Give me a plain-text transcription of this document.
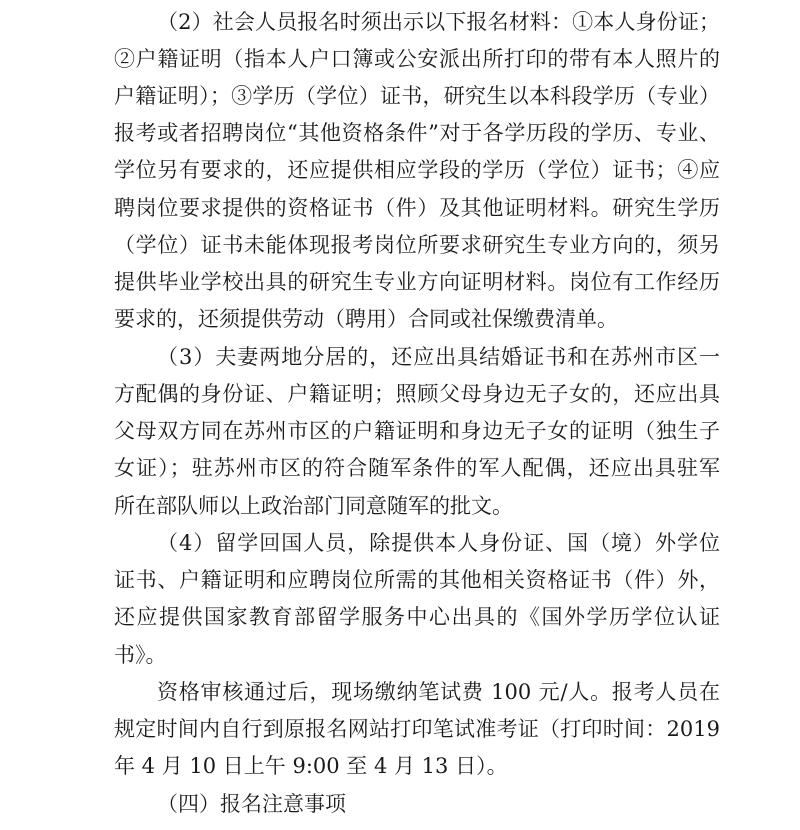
（2）社会人员报名时须出示以下报名材料：①本人身份证；
②户籍证明（指本人户口簿或公安派出所打印的带有本人照片的
户籍证明）；③学历（学位）证书，研究生以本科段学历（专业）
报考或者招聘岗位“其他资格条件”对于各学历段的学历、专业、
学位另有要求的，还应提供相应学段的学历（学位）证书；④应
聘岗位要求提供的资格证书（件）及其他证明材料。研究生学历
（学位）证书未能体现报考岗位所要求研究生专业方向的，须另
提供毕业学校出具的研究生专业方向证明材料。岗位有工作经历
要求的，还须提供劳动（聘用）合同或社保缴费清单。
（3）夫妻两地分居的，还应出具结婚证书和在苏州市区一
方配偶的身份证、户籍证明；照顾父母身边无子女的，还应出具
父母双方同在苏州市区的户籍证明和身边无子女的证明（独生子
女证）；驻苏州市区的符合随军条件的军人配偶，还应出具驻军
所在部队师以上政治部门同意随军的批文。
（4）留学回国人员，除提供本人身份证、国（境）外学位
证书、户籍证明和应聘岗位所需的其他相关资格证书（件）外，
还应提供国家教育部留学服务中心出具的《国外学历学位认证
书》。
资格审核通过后，现场缴纳笔试费 100 元/人。报考人员在
规定时间内自行到原报名网站打印笔试准考证（打印时间：2019
年 4 月 10 日上午 9:00 至 4 月 13 日）。
（四）报名注意事项
